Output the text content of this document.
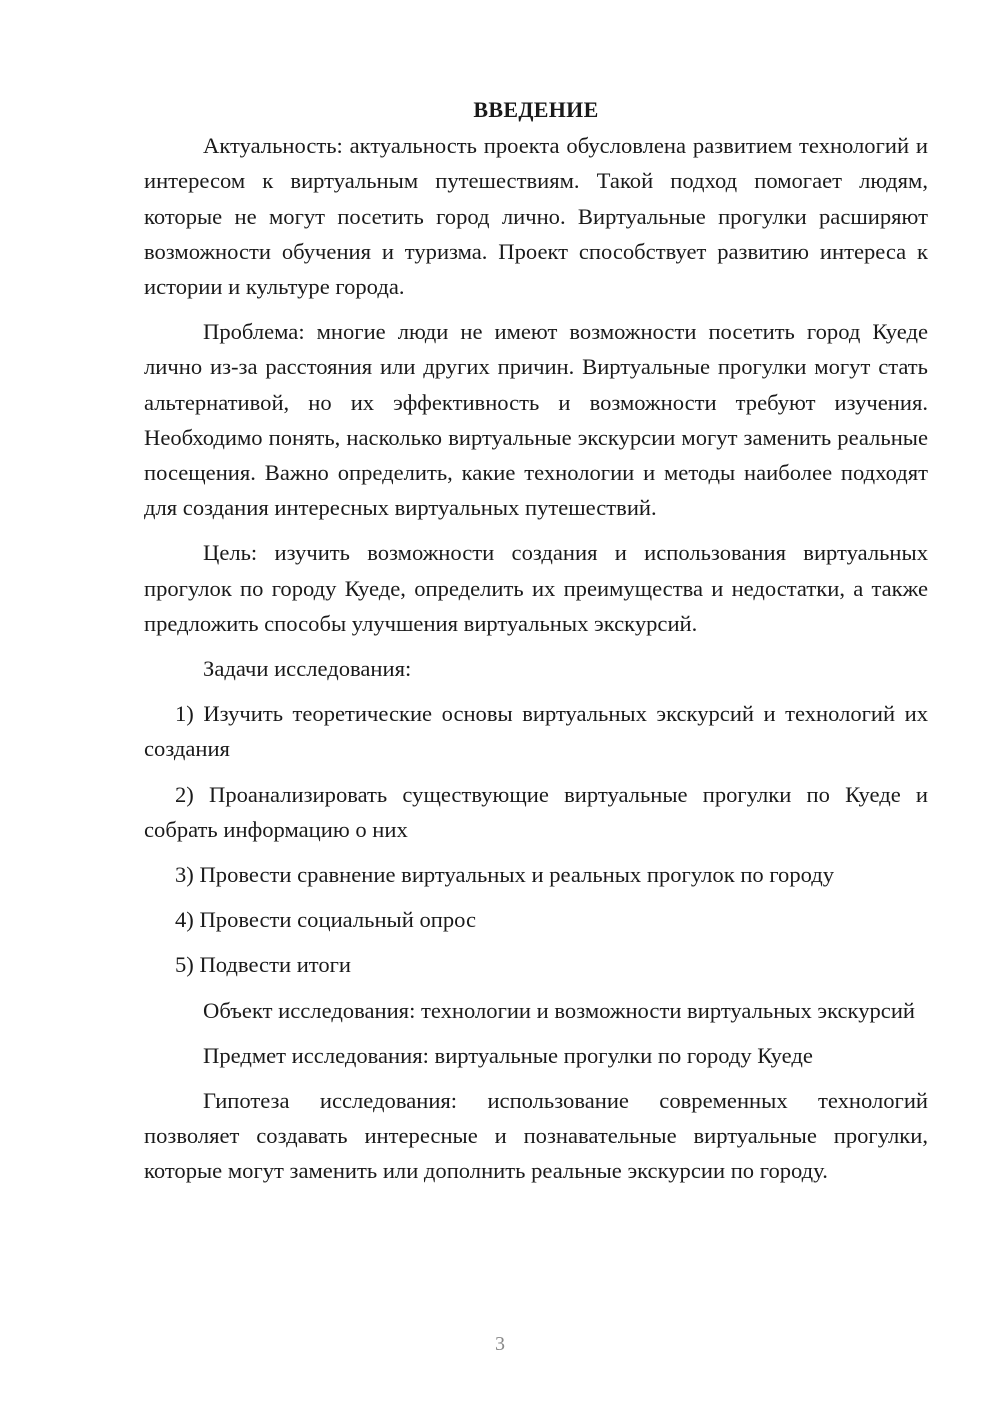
ВВЕДЕНИЕ

Актуальность: актуальность проекта обусловлена развитием технологий и интересом к виртуальным путешествиям. Такой подход помогает людям, которые не могут посетить город лично. Виртуальные прогулки расширяют возможности обучения и туризма. Проект способствует развитию интереса к истории и культуре города.

Проблема: многие люди не имеют возможности посетить город Куеде лично из-за расстояния или других причин. Виртуальные прогулки могут стать альтернативой, но их эффективность и возможности требуют изучения. Необходимо понять, насколько виртуальные экскурсии могут заменить реальные посещения. Важно определить, какие технологии и методы наиболее подходят для создания интересных виртуальных путешествий.

Цель: изучить возможности создания и использования виртуальных прогулок по городу Куеде, определить их преимущества и недостатки, а также предложить способы улучшения виртуальных экскурсий.

Задачи исследования:

1) Изучить теоретические основы виртуальных экскурсий и технологий их создания

2) Проанализировать существующие виртуальные прогулки по Куеде и собрать информацию о них

3) Провести сравнение виртуальных и реальных прогулок по городу

4) Провести социальный опрос

5) Подвести итоги

Объект исследования: технологии и возможности виртуальных экскурсий

Предмет исследования: виртуальные прогулки по городу Куеде

Гипотеза исследования: использование современных технологий позволяет создавать интересные и познавательные виртуальные прогулки, которые могут заменить или дополнить реальные экскурсии по городу.

3
